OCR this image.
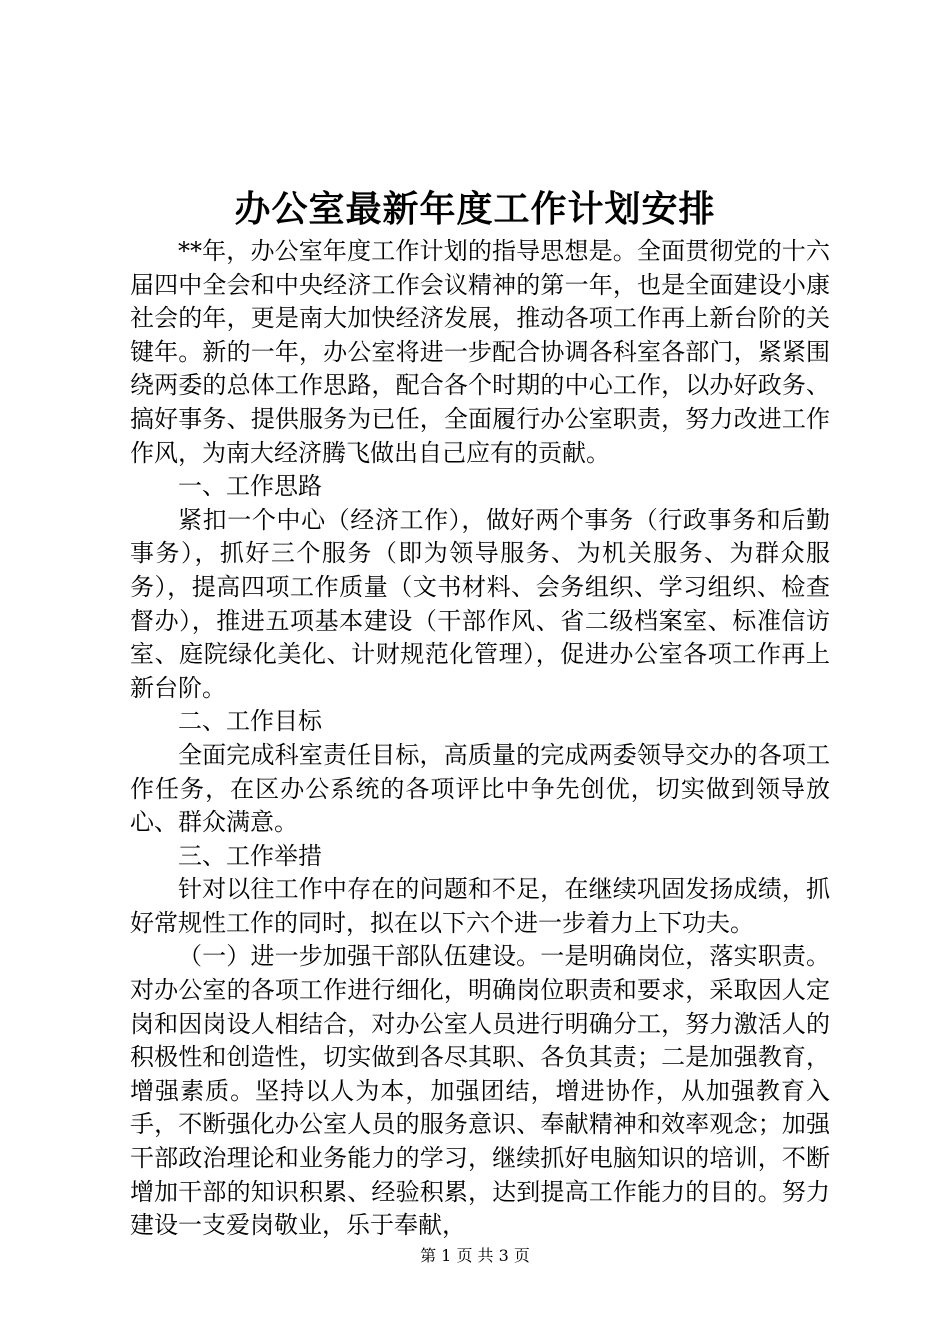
办公室最新年度工作计划安排

**年，办公室年度工作计划的指导思想是。全面贯彻党的十六届四中全会和中央经济工作会议精神的第一年，也是全面建设小康社会的年，更是南大加快经济发展，推动各项工作再上新台阶的关键年。新的一年，办公室将进一步配合协调各科室各部门，紧紧围绕两委的总体工作思路，配合各个时期的中心工作，以办好政务、搞好事务、提供服务为已任，全面履行办公室职责，努力改进工作作风，为南大经济腾飞做出自己应有的贡献。

一、工作思路

紧扣一个中心（经济工作），做好两个事务（行政事务和后勤事务），抓好三个服务（即为领导服务、为机关服务、为群众服务），提高四项工作质量（文书材料、会务组织、学习组织、检查督办），推进五项基本建设（干部作风、省二级档案室、标准信访室、庭院绿化美化、计财规范化管理），促进办公室各项工作再上新台阶。

二、工作目标

全面完成科室责任目标，高质量的完成两委领导交办的各项工作任务，在区办公系统的各项评比中争先创优，切实做到领导放心、群众满意。

三、工作举措

针对以往工作中存在的问题和不足，在继续巩固发扬成绩，抓好常规性工作的同时，拟在以下六个进一步着力上下功夫。

（一）进一步加强干部队伍建设。一是明确岗位，落实职责。对办公室的各项工作进行细化，明确岗位职责和要求，采取因人定岗和因岗设人相结合，对办公室人员进行明确分工，努力激活人的积极性和创造性，切实做到各尽其职、各负其责；二是加强教育，增强素质。坚持以人为本，加强团结，增进协作，从加强教育入手，不断强化办公室人员的服务意识、奉献精神和效率观念；加强干部政治理论和业务能力的学习，继续抓好电脑知识的培训，不断增加干部的知识积累、经验积累，达到提高工作能力的目的。努力建设一支爱岗敬业，乐于奉献，

第 1 页 共 3 页
